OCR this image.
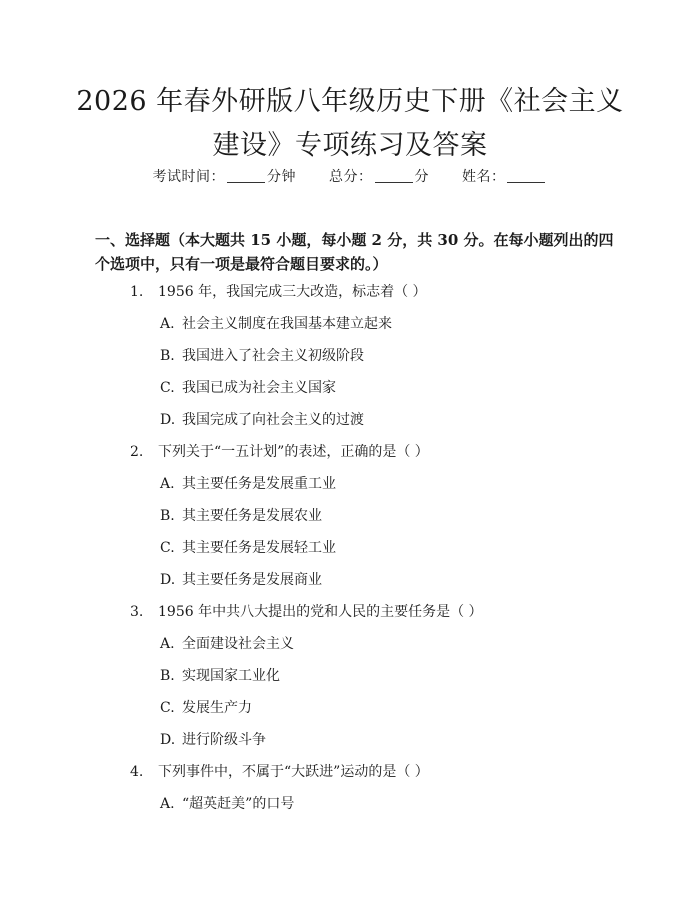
2026 年春外研版八年级历史下册《社会主义
建设》专项练习及答案
考试时间：	分钟 总分：	分 姓名：
一、选择题（本大题共 15 小题，每小题 2 分，共 30 分。在每小题列出的四个选项中，只有一项是最符合题目要求的。）
1. 1956 年，我国完成三大改造，标志着（ ）
A. 社会主义制度在我国基本建立起来
B. 我国进入了社会主义初级阶段
C. 我国已成为社会主义国家
D. 我国完成了向社会主义的过渡
2. 下列关于“一五计划”的表述，正确的是（ ）
A. 其主要任务是发展重工业
B. 其主要任务是发展农业
C. 其主要任务是发展轻工业
D. 其主要任务是发展商业
3. 1956 年中共八大提出的党和人民的主要任务是（ ）
A. 全面建设社会主义
B. 实现国家工业化
C. 发展生产力
D. 进行阶级斗争
4. 下列事件中，不属于“大跃进”运动的是（ ）
A. “超英赶美”的口号
